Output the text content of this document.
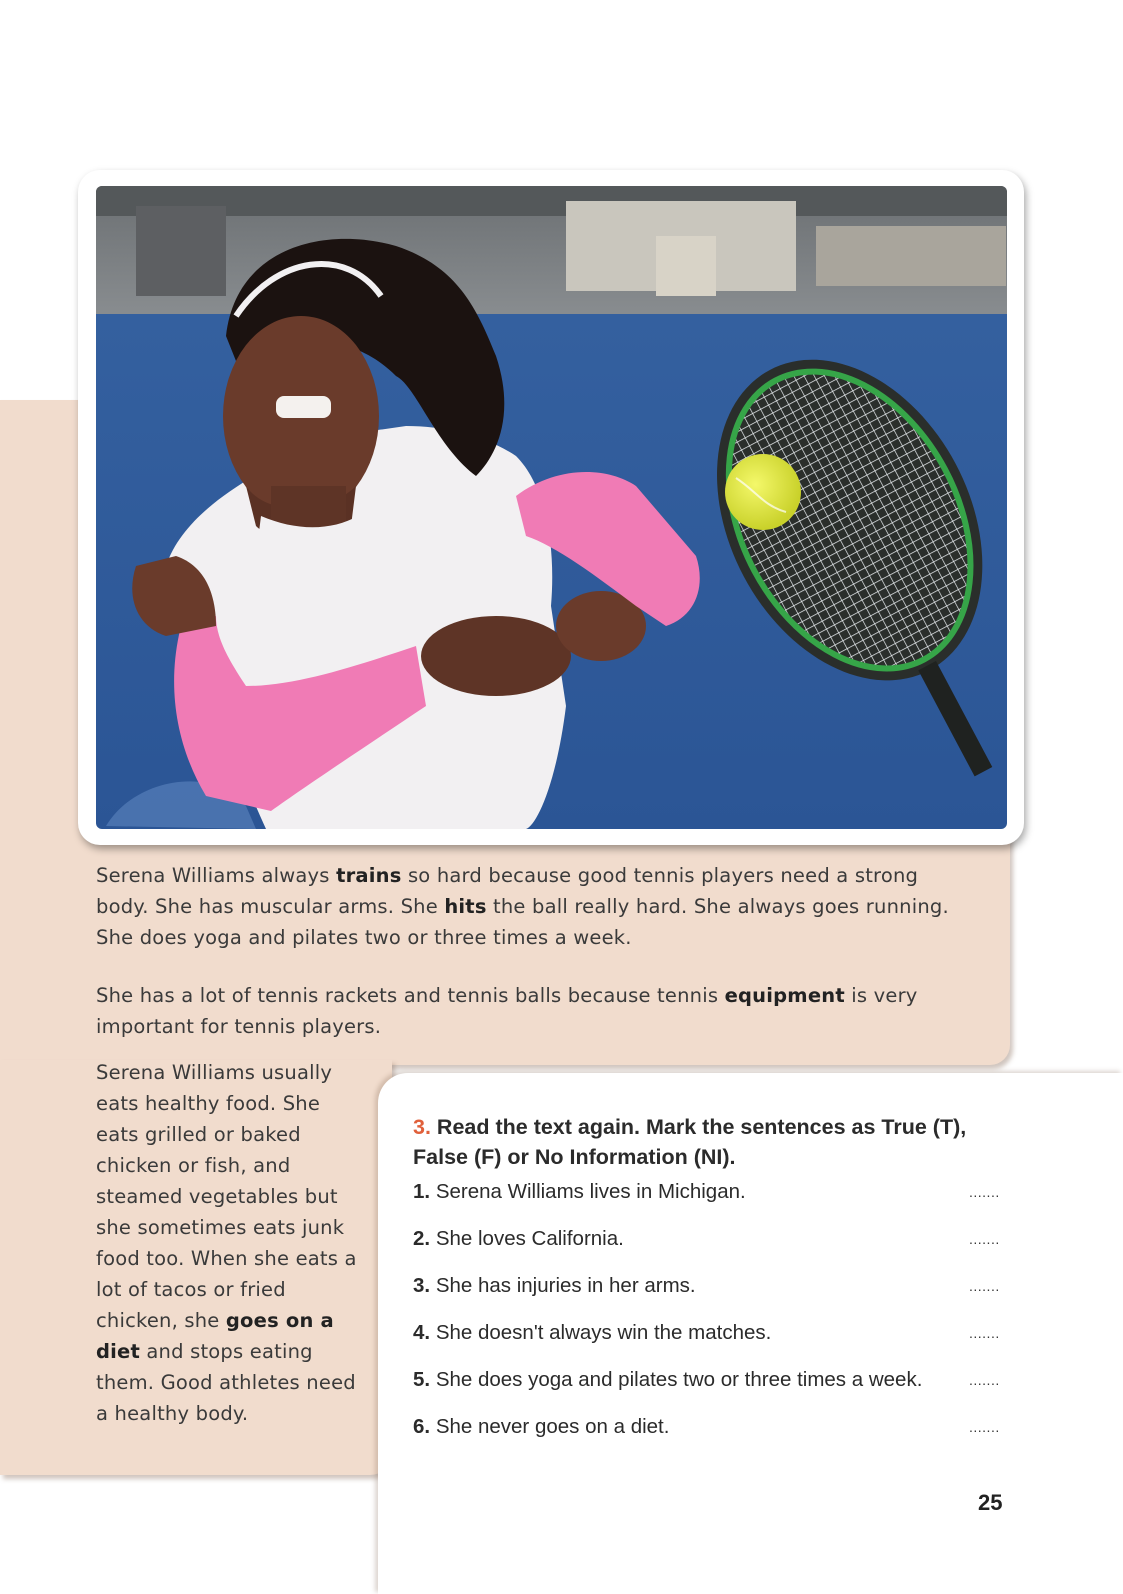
Serena Williams always trains so hard because good tennis players need a strong body. She has muscular arms. She hits the ball really hard. She always goes running. She does yoga and pilates two or three times a week.
She has a lot of tennis rackets and tennis balls because tennis equipment is very important for tennis players.
Serena Williams usually eats healthy food. She eats grilled or baked chicken or fish, and steamed vegetables but she sometimes eats junk food too. When she eats a lot of tacos or fried chicken, she goes on a diet and stops eating them. Good athletes need a healthy body.
3. Read the text again. Mark the sentences as True (T), False (F) or No Information (NI).
1. Serena Williams lives in Michigan.	.......
2. She loves California.	.......
3. She has injuries in her arms.	.......
4. She doesn't always win the matches.	.......
5. She does yoga and pilates two or three times a week.	.......
6. She never goes on a diet.	.......
25
